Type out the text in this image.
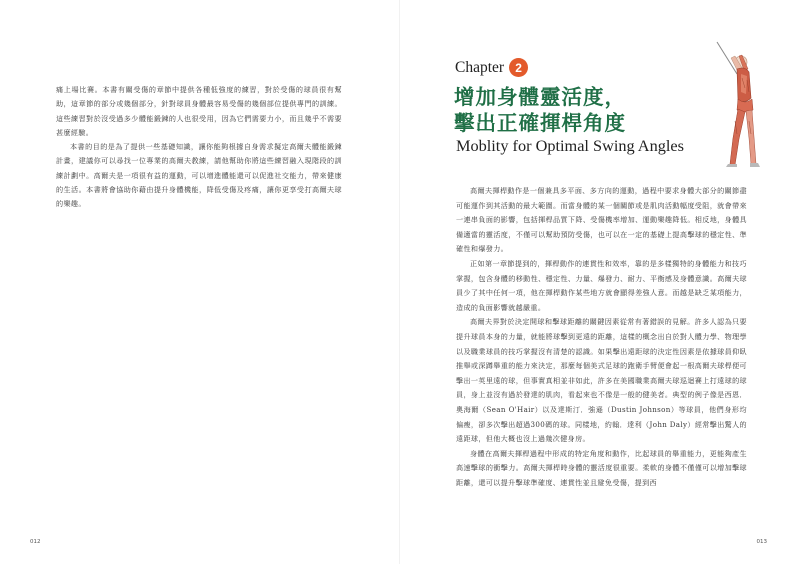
痛上場比賽。本書有關受傷的章節中提供各種低強度的練習，對於受傷的球員很有幫助，這章節的部分或幾個部分，針對球員身體最容易受傷的幾個部位提供專門的訓練。這些練習對於沒受過多少體能鍛鍊的人也很受用，因為它們需要力小，而且幾乎不需要甚麼經驗。

本書的目的是為了提供一些基礎知識，讓你能夠根據自身需求擬定高爾夫體能鍛鍊計畫，建議你可以尋找一位專業的高爾夫教練，請他幫助你將這些練習融入現階段的訓練計劃中。高爾夫是一項很有益的運動，可以增進體能還可以促進社交能力，帶來健康的生活。本書將會協助你藉由提升身體機能，降低受傷及疼痛，讓你更享受打高爾夫球的樂趣。

012
Chapter 2
增加身體靈活度，
擊出正確揮桿角度
Moblity for Optimal Swing Angles

高爾夫揮桿動作是一個兼具多平面、多方向的運動，過程中要求身體大部分的關節盡可能運作到其活動的最大範圍。而當身體的某一個關節或是肌肉活動幅度受阻，就會帶來一連串負面的影響，包括揮桿品質下降、受傷機率增加、運動樂趣降低。相反地，身體具備適當的靈活度，不僅可以幫助預防受傷，也可以在一定的基礎上提高擊球的穩定性、準確性和爆發力。

正如第一章節提到的，揮桿動作的連貫性和效率，靠的是多樣獨特的身體能力和技巧掌握，包含身體的移動性、穩定性、力量、爆發力、耐力、平衡感及身體意識。高爾夫球員少了其中任何一項，他在揮桿動作某些地方就會顯得差強人意。而越是缺乏某項能力，造成的負面影響就越嚴重。

高爾夫界對於決定開球和擊球距離的關鍵因素從常有著錯誤的見解。許多人認為只要提升球員本身的力量，就能將球擊到更遠的距離，這樣的概念出自於對人體力學、物理學以及職業球員的技巧掌握沒有清楚的認識。如果擊出遠距球的決定性因素是依據球員仰臥推舉或深蹲舉重的能力來決定，那麼每個美式足球的跑衛手臂便會起一根高爾夫球桿便可擊出一英里遠的球，但事實真相並非如此，許多在美國職業高爾夫球巡迴賽上打遠球的球員，身上並沒有過於發達的肌肉，看起來也不像是一般的健美者。典型的例子像是西恩．奧海爾（Sean O'Hair）以及達斯汀．強遜（Dustin Johnson）等球員，他們身形均偏瘦，卻多次擊出超過300碼的球。同樣地，約翰．達利（John Daly）經常擊出驚人的遠距球，但他大概也沒上過幾次健身房。

身體在高爾夫揮桿過程中形成的特定角度和動作，比起球員的舉重能力，更能夠產生高速擊球的衝擊力。高爾夫揮桿時身體的靈活度很重要。柔軟的身體不僅僅可以增加擊球距離，還可以提升擊球準確度、連貫性並且避免受傷，提到西

013
